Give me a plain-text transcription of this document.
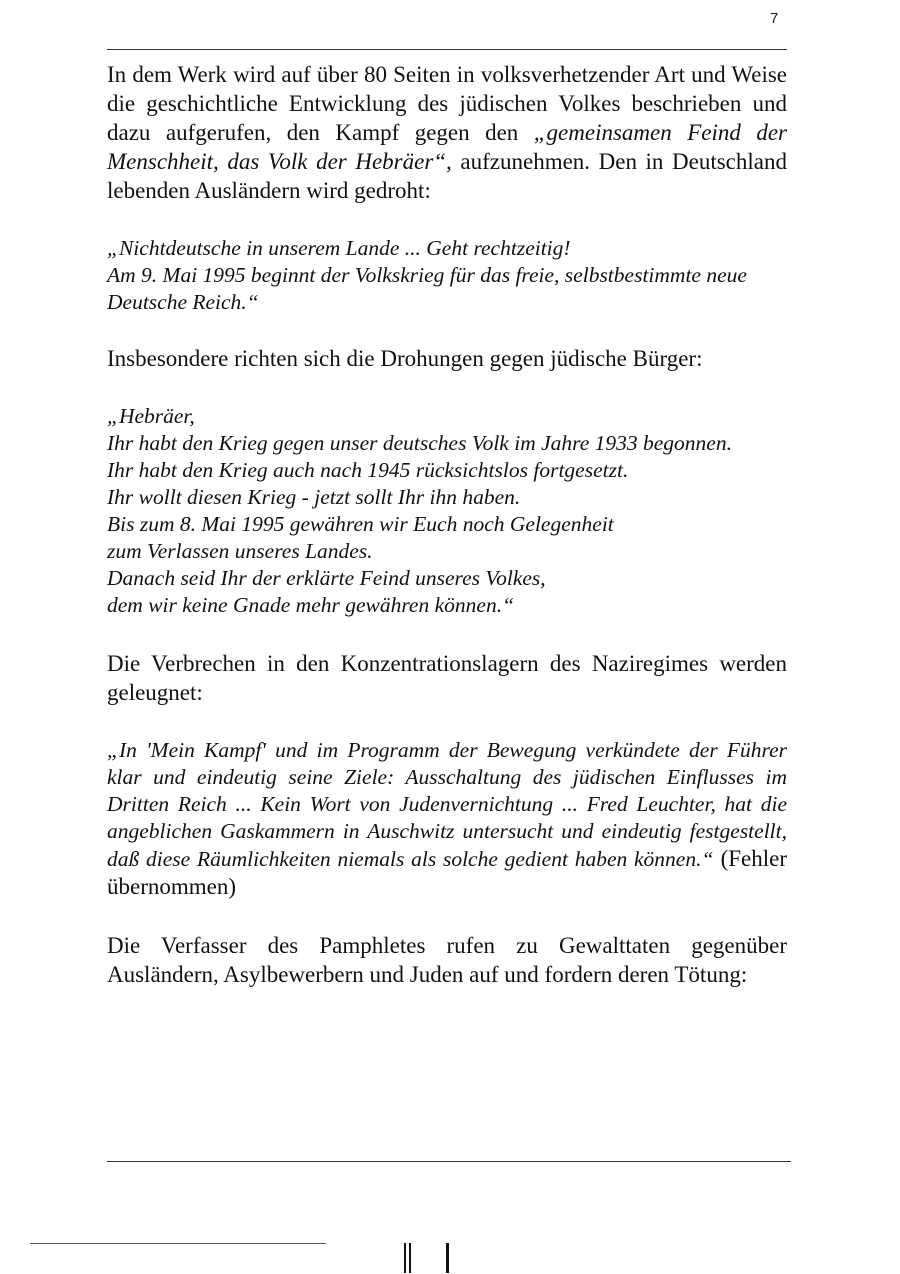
7

In dem Werk wird auf über 80 Seiten in volksverhetzender Art und Weise die geschichtliche Entwicklung des jüdischen Volkes beschrieben und dazu aufgerufen, den Kampf gegen den „gemeinsamen Feind der Menschheit, das Volk der Hebräer“, aufzunehmen. Den in Deutschland lebenden Ausländern wird gedroht:

„Nichtdeutsche in unserem Lande ... Geht rechtzeitig!
Am 9. Mai 1995 beginnt der Volkskrieg für das freie, selbstbestimmte neue Deutsche Reich.“

Insbesondere richten sich die Drohungen gegen jüdische Bürger:

„Hebräer,
Ihr habt den Krieg gegen unser deutsches Volk im Jahre 1933 begonnen.
Ihr habt den Krieg auch nach 1945 rücksichtslos fortgesetzt.
Ihr wollt diesen Krieg - jetzt sollt Ihr ihn haben.
Bis zum 8. Mai 1995 gewähren wir Euch noch Gelegenheit
zum Verlassen unseres Landes.
Danach seid Ihr der erklärte Feind unseres Volkes,
dem wir keine Gnade mehr gewähren können.“

Die Verbrechen in den Konzentrationslagern des Naziregimes werden geleugnet:

„In 'Mein Kampf' und im Programm der Bewegung verkündete der Führer klar und eindeutig seine Ziele: Ausschaltung des jüdischen Einflusses im Dritten Reich ... Kein Wort von Judenvernichtung ... Fred Leuchter, hat die angeblichen Gaskammern in Auschwitz untersucht und eindeutig festgestellt, daß diese Räumlichkeiten niemals als solche gedient haben können.“ (Fehler übernommen)

Die Verfasser des Pamphletes rufen zu Gewalttaten gegenüber Ausländern, Asylbewerbern und Juden auf und fordern deren Tötung:
